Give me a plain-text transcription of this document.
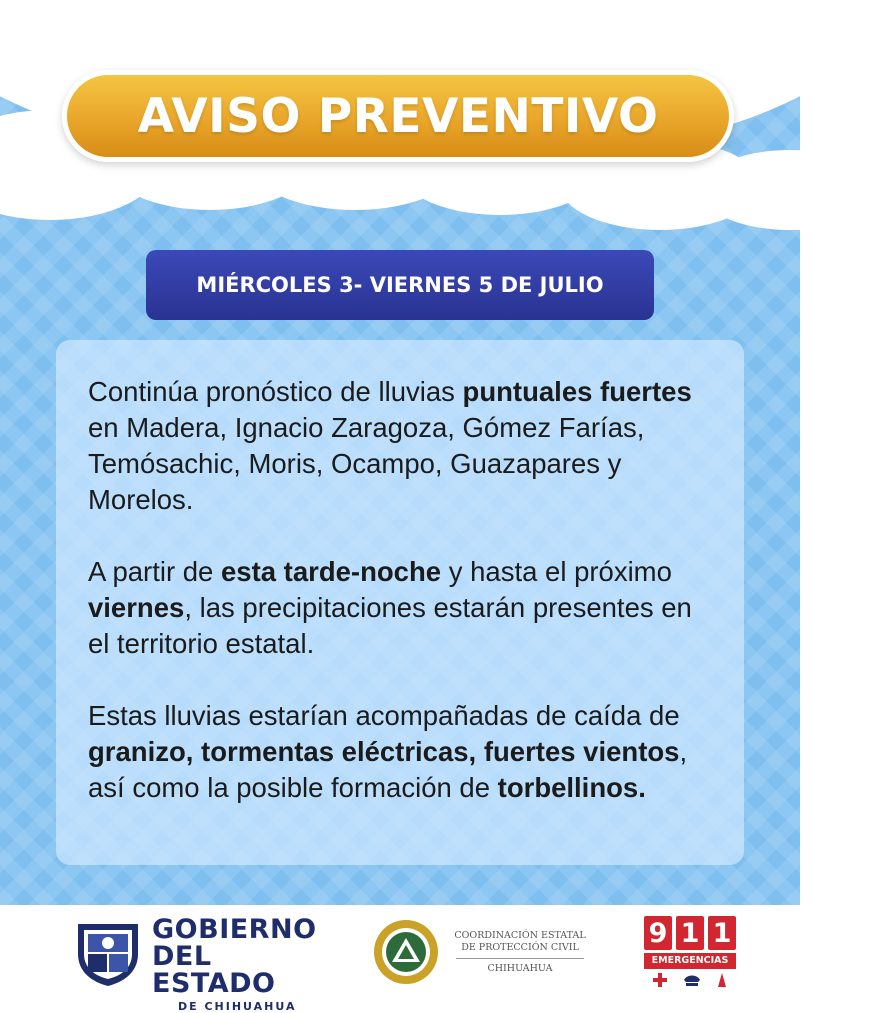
AVISO PREVENTIVO
MIÉRCOLES 3- VIERNES 5 DE JULIO

Continúa pronóstico de lluvias puntuales fuertes en Madera, Ignacio Zaragoza, Gómez Farías, Temósachic, Moris, Ocampo, Guazapares y Morelos.

A partir de esta tarde-noche y hasta el próximo viernes, las precipitaciones estarán presentes en el territorio estatal.

Estas lluvias estarían acompañadas de caída de granizo, tormentas eléctricas, fuertes vientos, así como la posible formación de torbellinos.

GOBIERNO
DEL ESTADO
DE CHIHUAHUA
COORDINACIÓN ESTATAL
DE PROTECCIÓN CIVIL
CHIHUAHUA
9 1 1
EMERGENCIAS
